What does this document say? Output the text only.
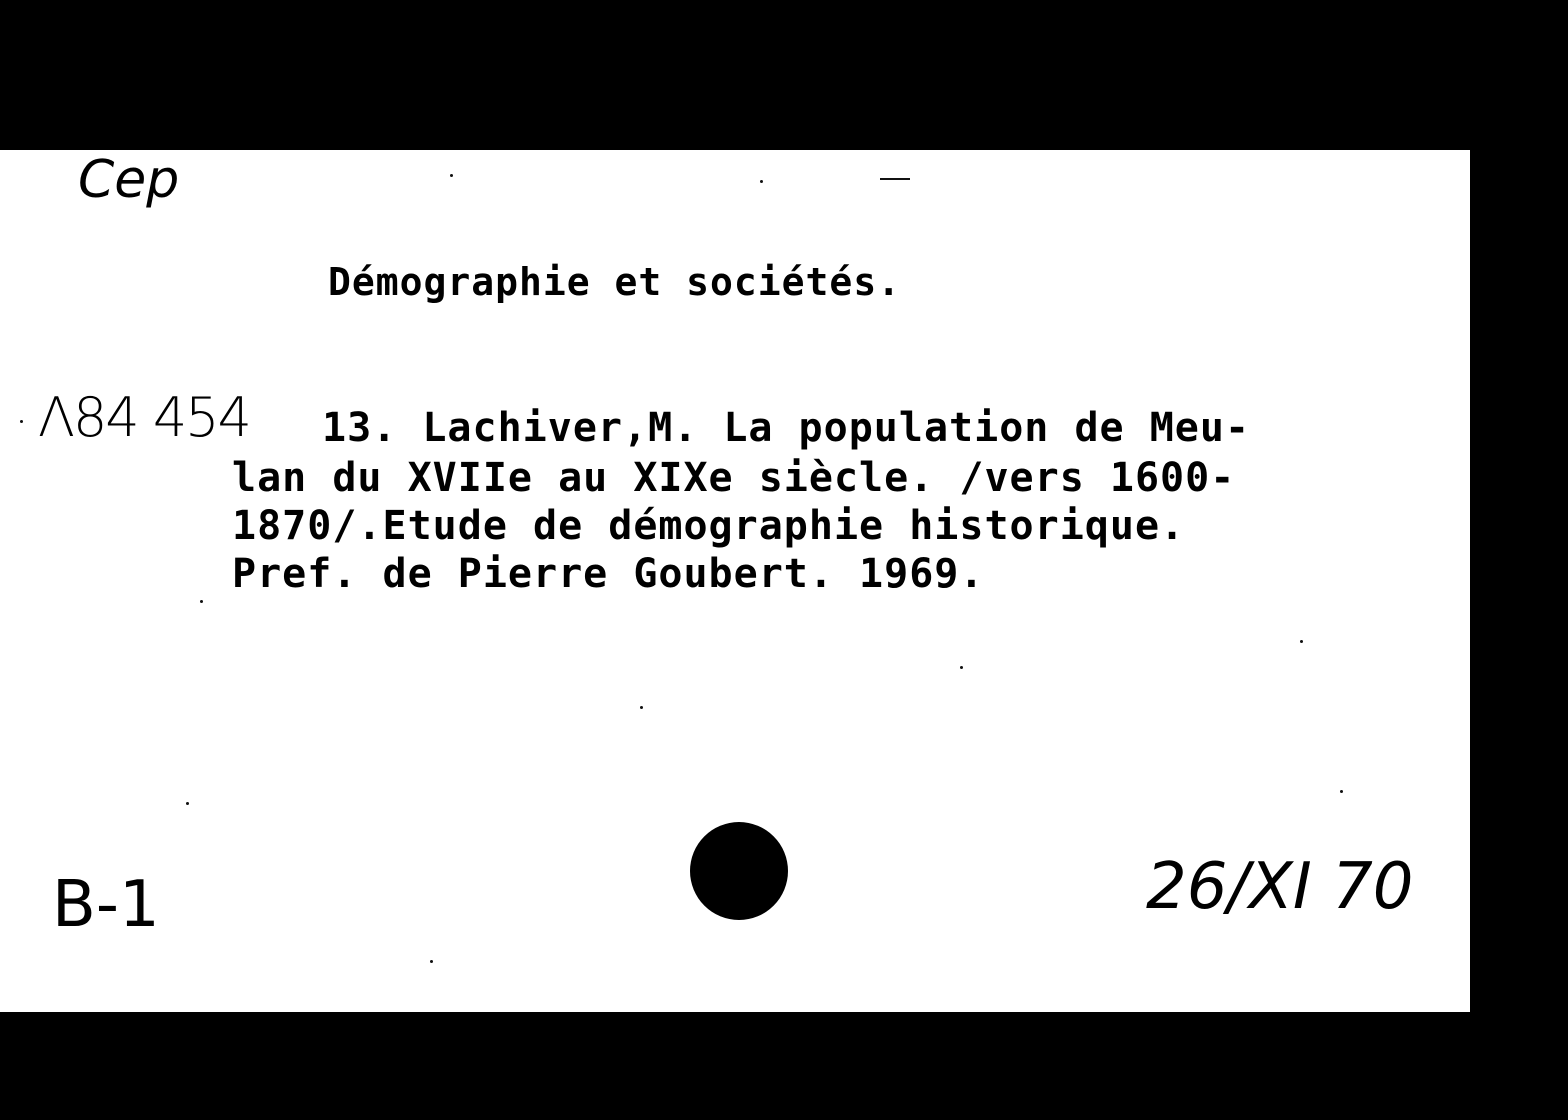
Cep
Démographie et sociétés.
Λ84 454 13. Lachiver,M. La population de Meu-
lan du XVIIe au XIXe siècle. /vers 1600-
1870/.Etude de démographie historique.
Pref. de Pierre Goubert. 1969.
B-1	26/XI 70
